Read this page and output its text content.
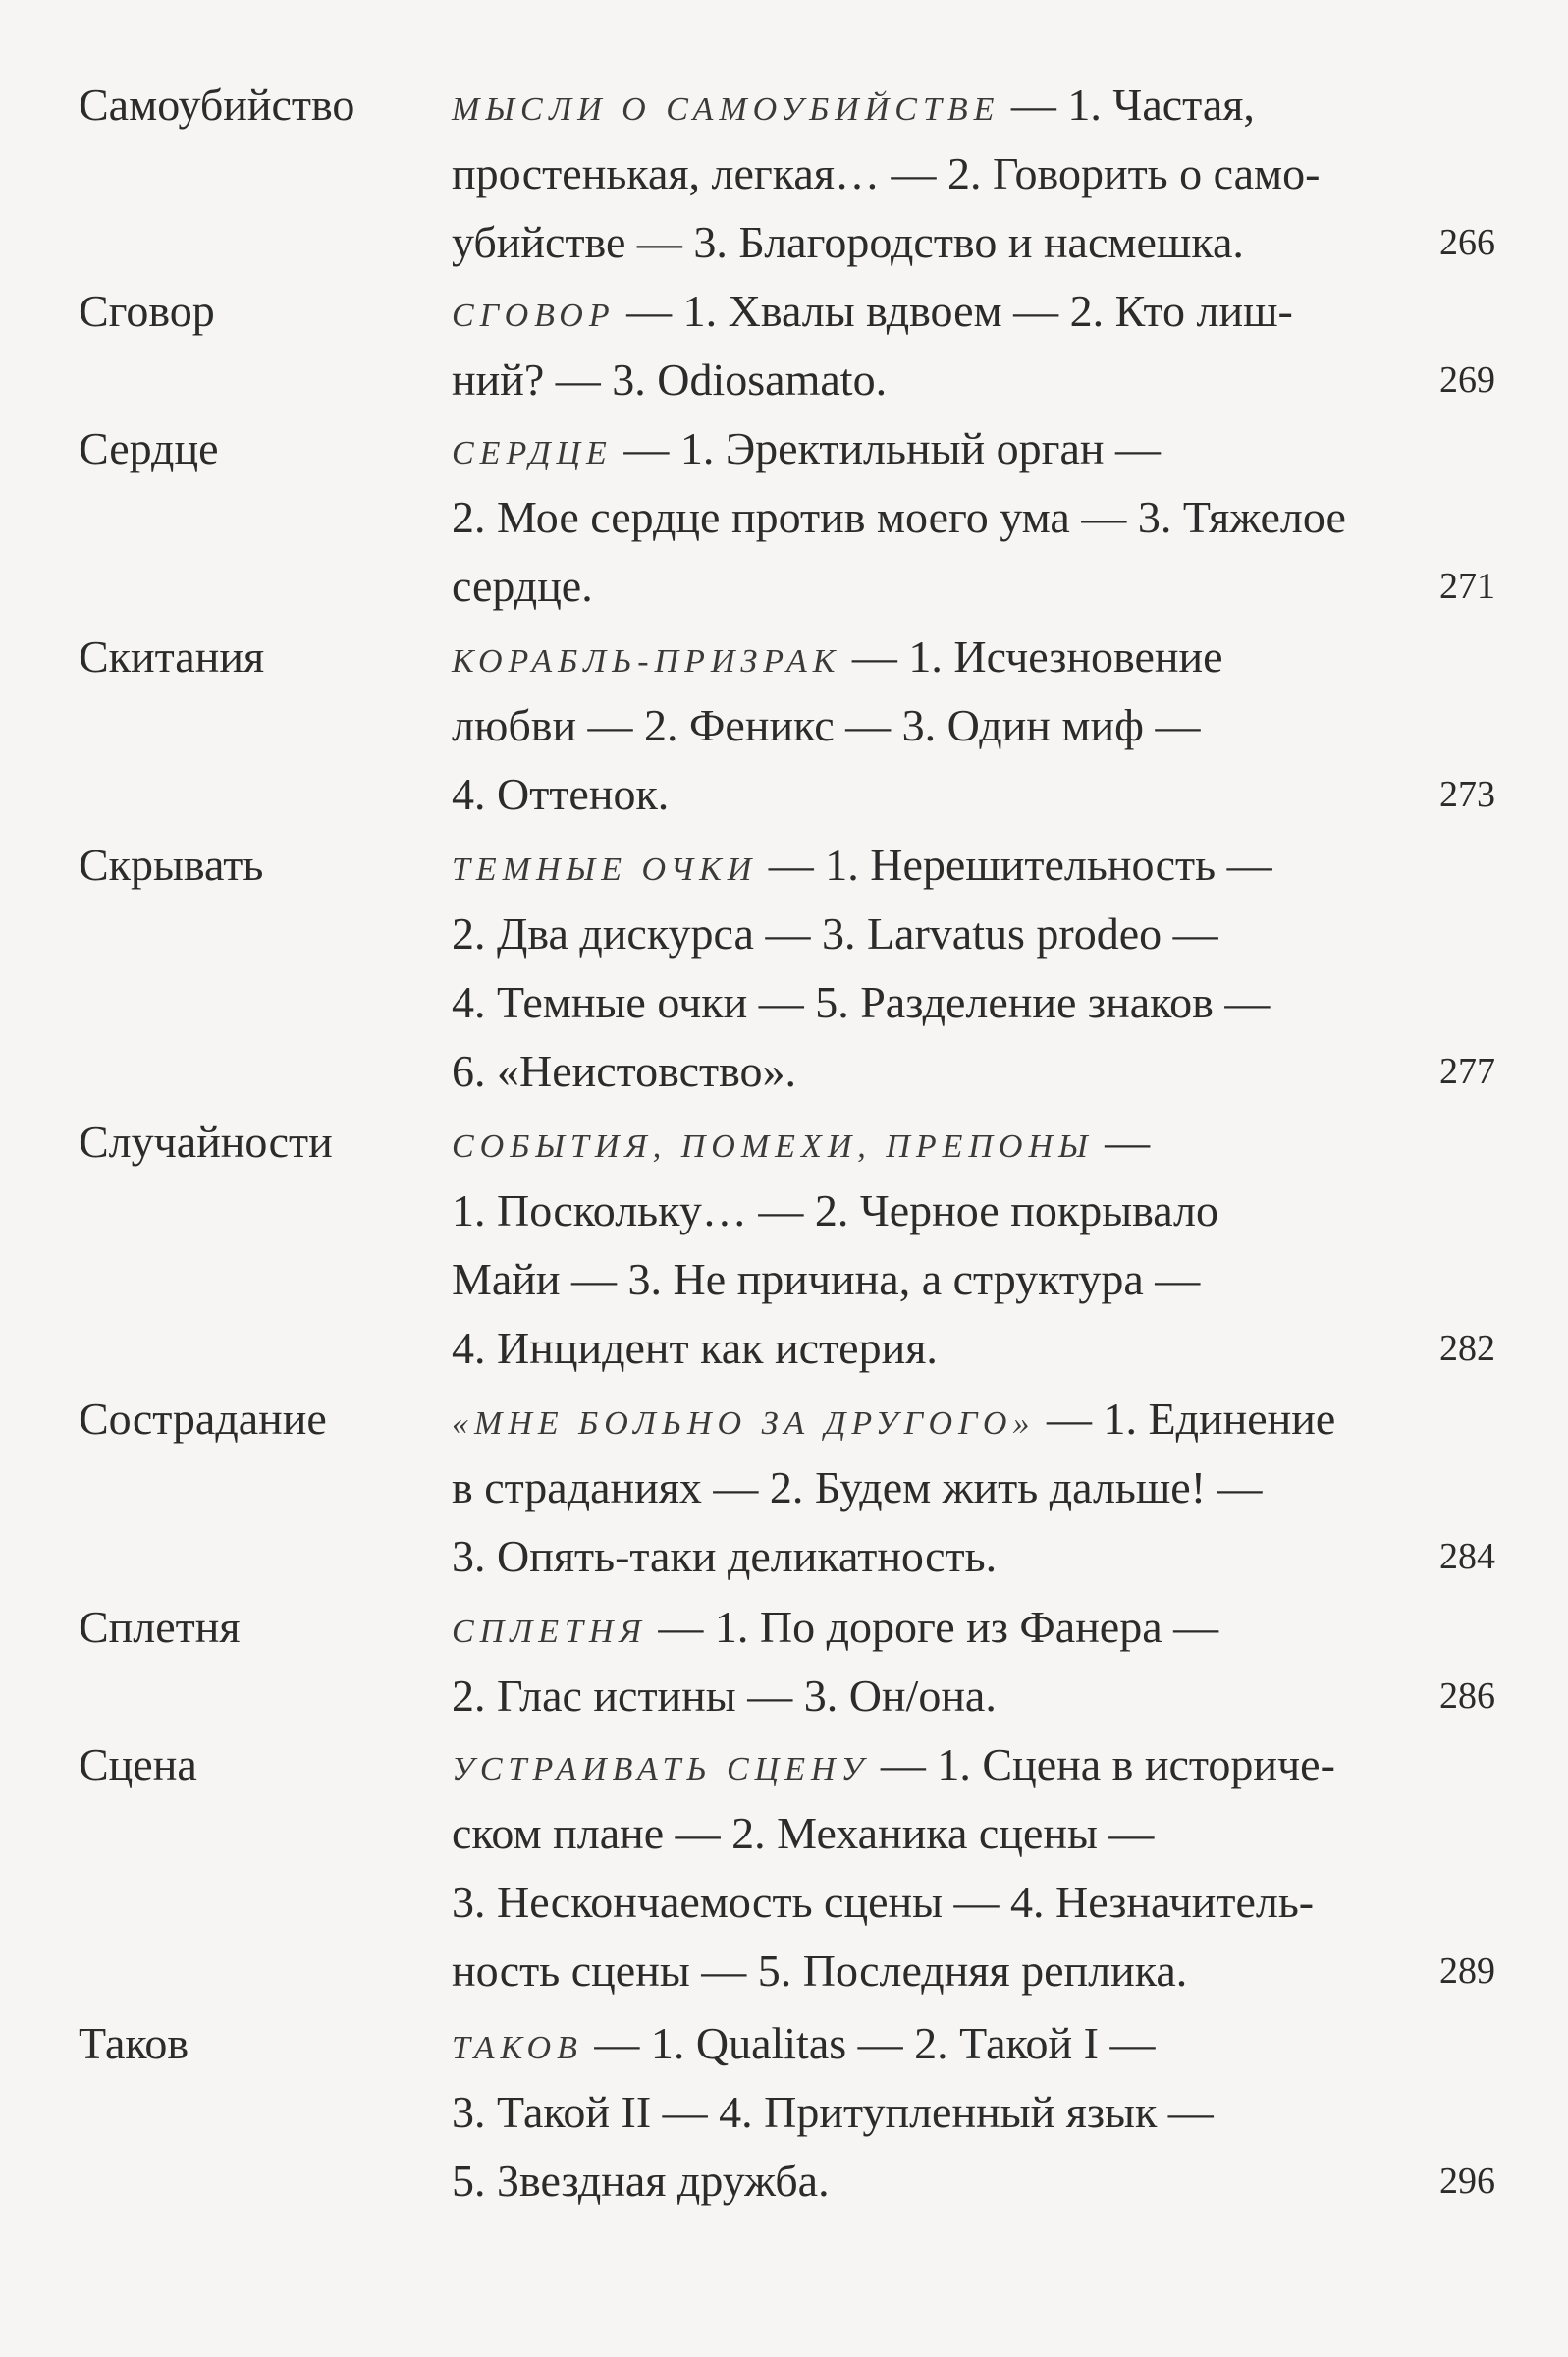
Самоубийство	МЫСЛИ О САМОУБИЙСТВЕ — 1. Частая,
простенькая, легкая… — 2. Говорить о само-
убийстве — 3. Благородство и насмешка.	266
Сговор	СГОВОР — 1. Хвалы вдвоем — 2. Кто лиш-
ний? — 3. Odiosamato.	269
Сердце	СЕРДЦЕ — 1. Эректильный орган —
2. Мое сердце против моего ума — 3. Тяжелое
сердце.	271
Скитания	КОРАБЛЬ-ПРИЗРАК — 1. Исчезновение
любви — 2. Феникс — 3. Один миф —
4. Оттенок.	273
Скрывать	ТЕМНЫЕ ОЧКИ — 1. Нерешительность —
2. Два дискурса — 3. Larvatus prodeo —
4. Темные очки — 5. Разделение знаков —
6. «Неистовство».	277
Случайности	СОБЫТИЯ, ПОМЕХИ, ПРЕПОНЫ —
1. Поскольку… — 2. Черное покрывало
Майи — 3. Не причина, а структура —
4. Инцидент как истерия.	282
Сострадание	«МНЕ БОЛЬНО ЗА ДРУГОГО» — 1. Единение
в страданиях — 2. Будем жить дальше! —
3. Опять-таки деликатность.	284
Сплетня	СПЛЕТНЯ — 1. По дороге из Фанера —
2. Глас истины — 3. Он/она.	286
Сцена	УСТРАИВАТЬ СЦЕНУ — 1. Сцена в историче-
ском плане — 2. Механика сцены —
3. Нескончаемость сцены — 4. Незначитель-
ность сцены — 5. Последняя реплика.	289
Таков	ТАКОВ — 1. Qualitas — 2. Такой I —
3. Такой II — 4. Притупленный язык —
5. Звездная дружба.	296
